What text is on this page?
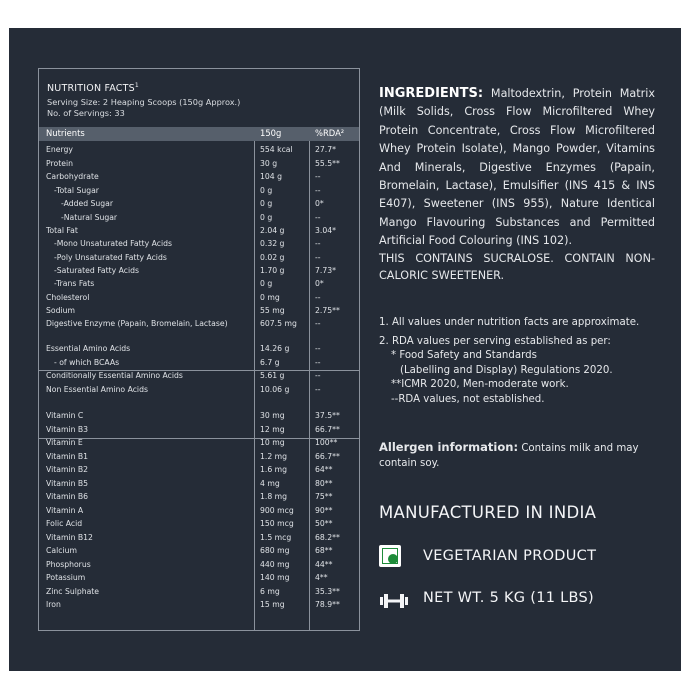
NUTRITION FACTS$^1$
Serving Size: 2 Heaping Scoops (150g Approx.)
No. of Servings: 33
Nutrients	150g	%RDA²
Energy	554 kcal	27.7*
Protein	30 g	55.5**
Carbohydrate	104 g	--
-Total Sugar	0 g	--
-Added Sugar	0 g	0*
-Natural Sugar	0 g	--
Total Fat	2.04 g	3.04*
-Mono Unsaturated Fatty Acids	0.32 g	--
-Poly Unsaturated Fatty Acids	0.02 g	--
-Saturated Fatty Acids	1.70 g	7.73*
-Trans Fats	0 g	0*
Cholesterol	0 mg	--
Sodium	55 mg	2.75**
Digestive Enzyme (Papain, Bromelain, Lactase)	607.5 mg --
Essential Amino Acids	14.26 g	--
- of which BCAAs	6.7 g	--
Conditionally Essential Amino Acids	5.61 g	--
Non Essential Amino Acids	10.06 g	--
Vitamin C	30 mg	37.5**
Vitamin B3	12 mg	66.7**
Vitamin E	10 mg	100**
Vitamin B1	1.2 mg	66.7**
Vitamin B2	1.6 mg	64**
Vitamin B5	4 mg	80**
Vitamin B6	1.8 mg	75**
Vitamin A	900 mcg	90**
Folic Acid	150 mcg	50**
Vitamin B12	1.5 mcg	68.2**
Calcium	680 mg	68**
Phosphorus	440 mg	44**
Potassium	140 mg	4**
Zinc Sulphate	6 mg	35.3**
Iron	15 mg	78.9**
INGREDIENTS: Maltodextrin, Protein Matrix (Milk Solids, Cross Flow Microfiltered Whey Protein Concentrate, Cross Flow Microfiltered Whey Protein Isolate), Mango Powder, Vitamins And Minerals, Digestive Enzymes (Papain, Bromelain, Lactase), Emulsifier (INS 415 & INS E407), Sweetener (INS 955), Nature Identical Mango Flavouring Substances and Permitted Artificial Food Colouring (INS 102).
THIS CONTAINS SUCRALOSE. CONTAIN NON-CALORIC SWEETENER.
1. All values under nutrition facts are approximate.
2. RDA values per serving established as per:
* Food Safety and Standards
(Labelling and Display) Regulations 2020.
**ICMR 2020, Men-moderate work.
--RDA values, not established.
Allergen information: Contains milk and may contain soy.
MANUFACTURED IN INDIA
VEGETARIAN PRODUCT
NET WT. 5 KG (11 LBS)
